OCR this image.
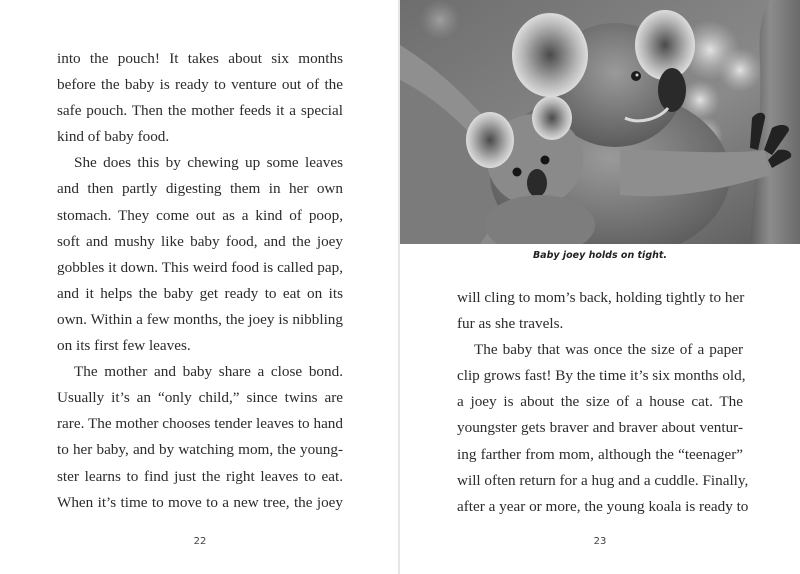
into the pouch! It takes about six months
before the baby is ready to venture out of the
safe pouch. Then the mother feeds it a special
kind of baby food.
She does this by chewing up some leaves
and then partly digesting them in her own
stomach. They come out as a kind of poop,
soft and mushy like baby food, and the joey
gobbles it down. This weird food is called pap,
and it helps the baby get ready to eat on its
own. Within a few months, the joey is nibbling
on its first few leaves.
The mother and baby share a close bond.
Usually it’s an “only child,” since twins are
rare. The mother chooses tender leaves to hand
to her baby, and by watching mom, the young-
ster learns to find just the right leaves to eat.
When it’s time to move to a new tree, the joey
22
Baby joey holds on tight.
will cling to mom’s back, holding tightly to her
fur as she travels.
The baby that was once the size of a paper
clip grows fast! By the time it’s six months old,
a joey is about the size of a house cat. The
youngster gets braver and braver about ventur-
ing farther from mom, although the “teenager”
will often return for a hug and a cuddle. Finally,
after a year or more, the young koala is ready to
23
